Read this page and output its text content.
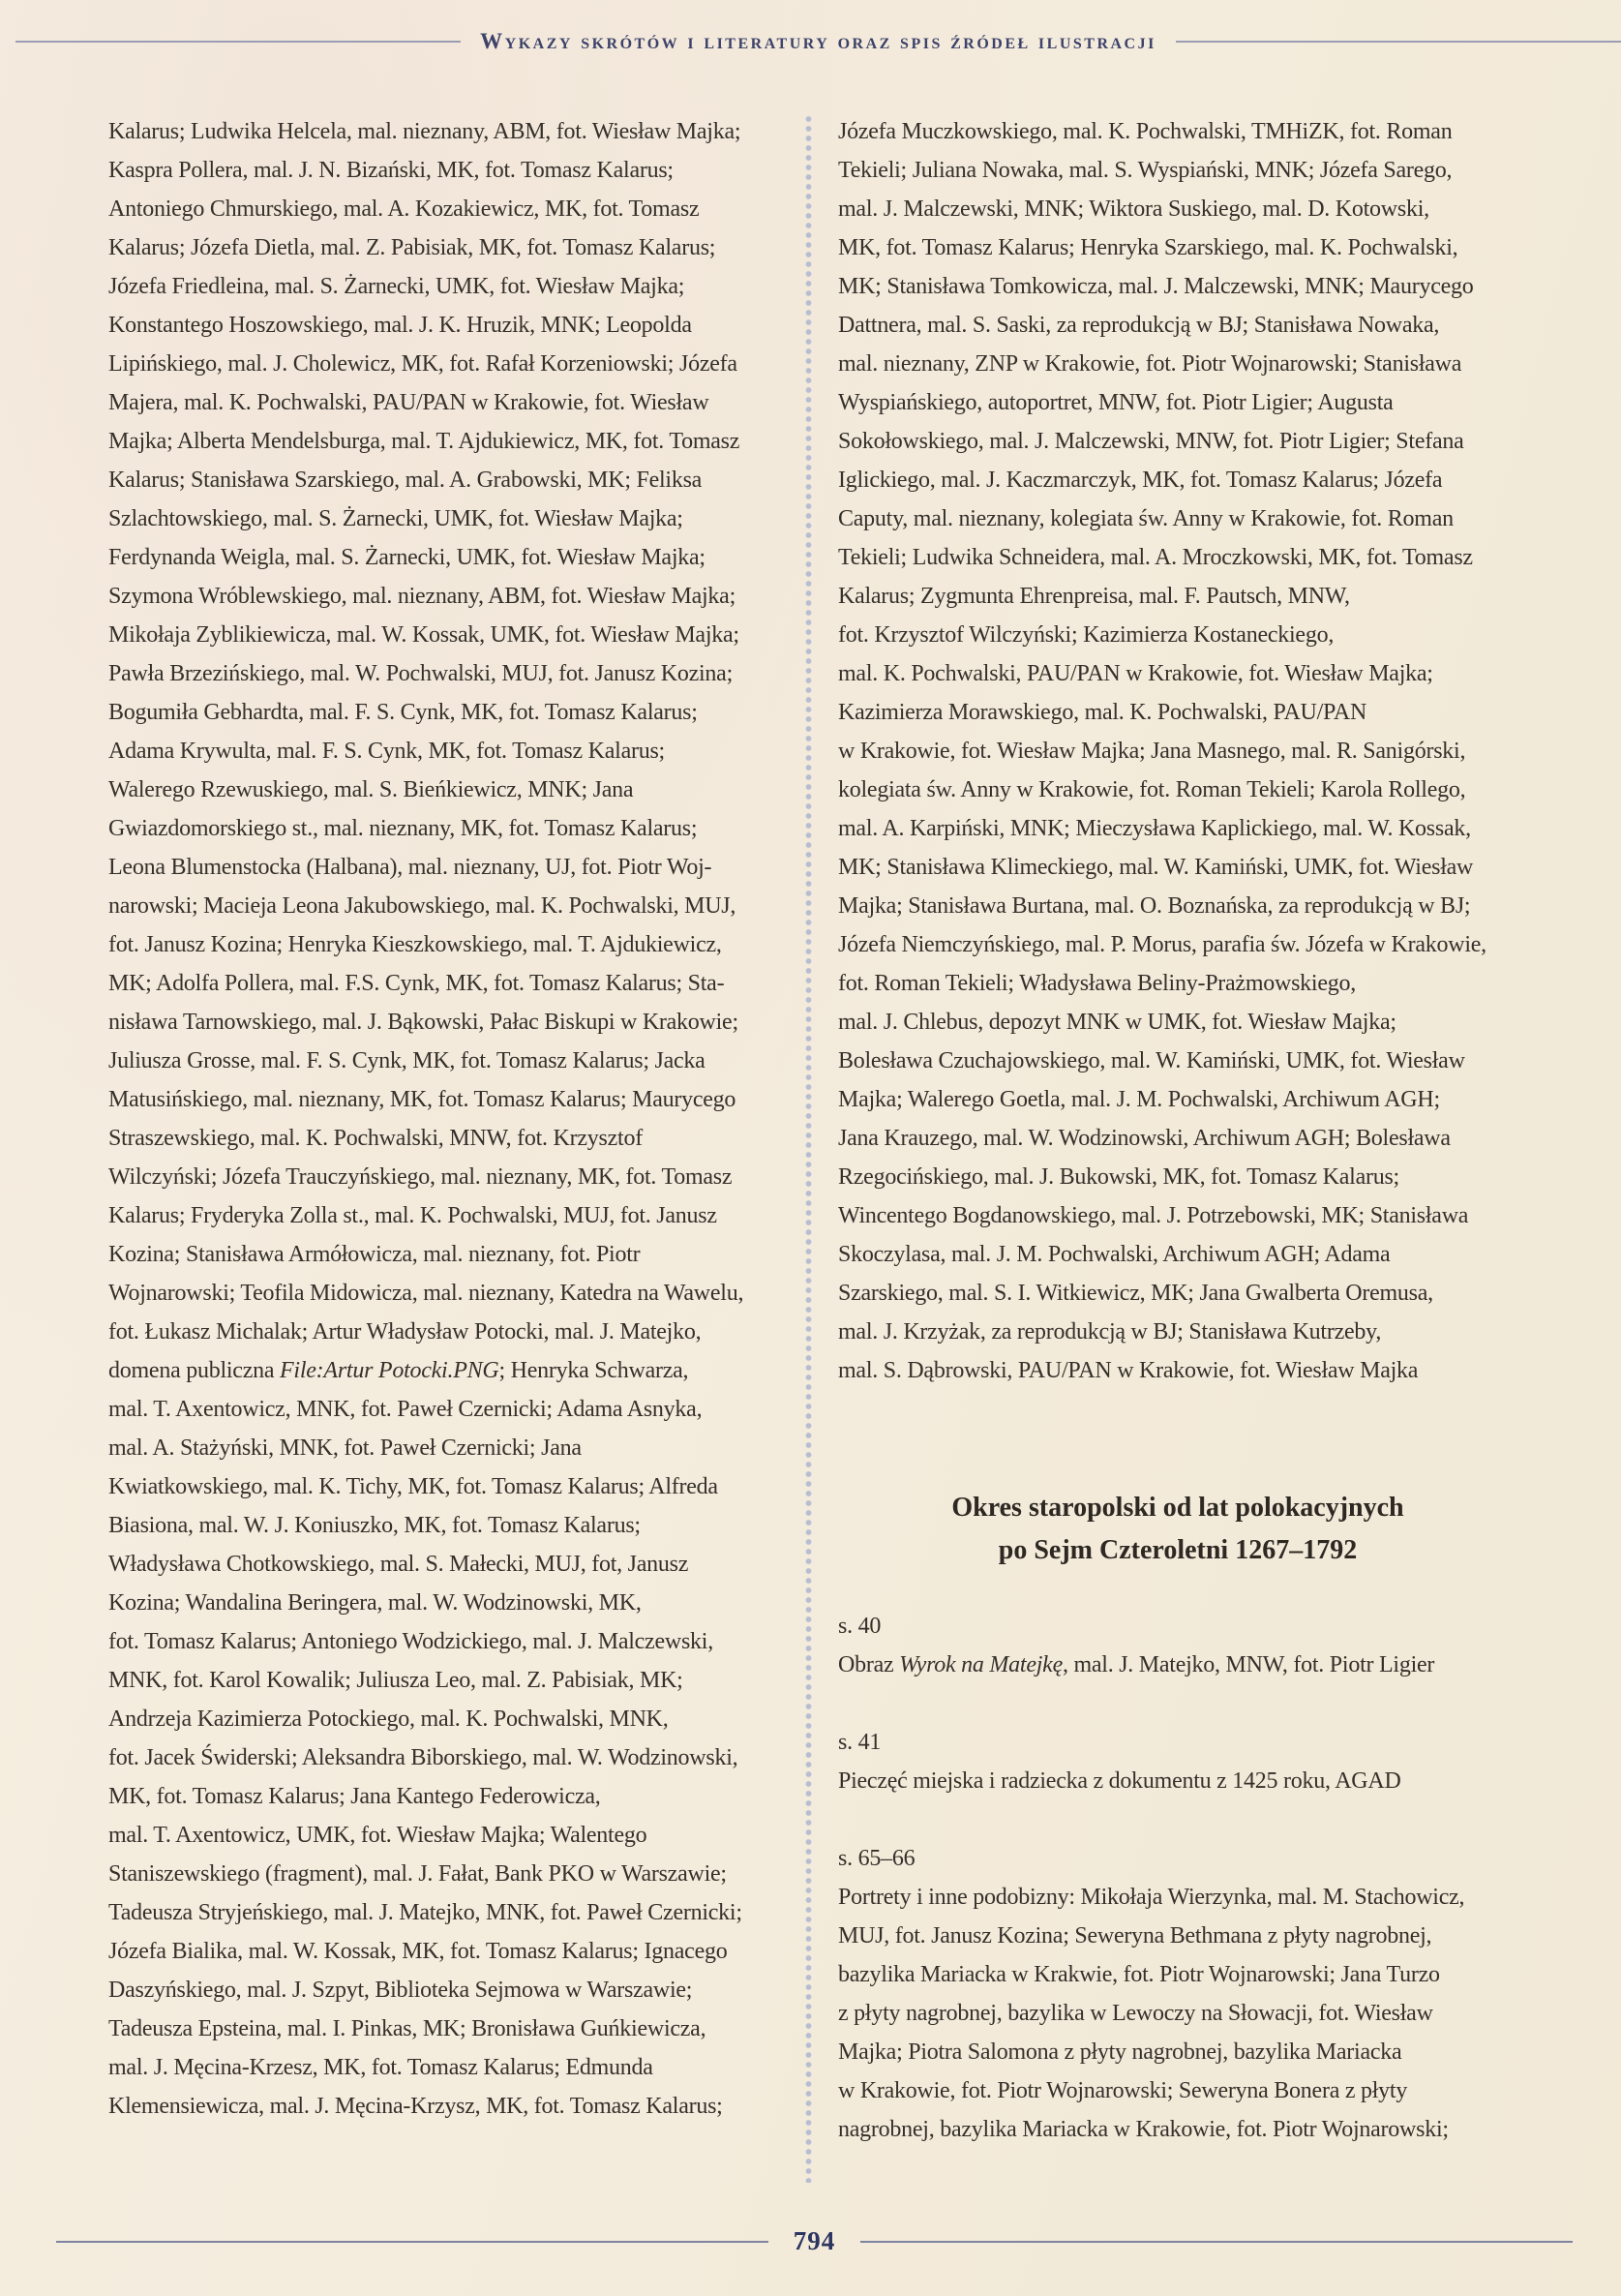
Wykazy skrótów i literatury oraz spis źródeł ilustracji

Kalarus; Ludwika Helcela, mal. nieznany, ABM, fot. Wiesław Majka;

Kaspra Pollera, mal. J. N. Bizański, MK, fot. Tomasz Kalarus;

Antoniego Chmurskiego, mal. A. Kozakiewicz, MK, fot. Tomasz

Kalarus; Józefa Dietla, mal. Z. Pabisiak, MK, fot. Tomasz Kalarus;

Józefa Friedleina, mal. S. Żarnecki, UMK, fot. Wiesław Majka;

Konstantego Hoszowskiego, mal. J. K. Hruzik, MNK; Leopolda

Lipińskiego, mal. J. Cholewicz, MK, fot. Rafał Korzeniowski; Józefa

Majera, mal. K. Pochwalski, PAU/PAN w Krakowie, fot. Wiesław

Majka; Alberta Mendelsburga, mal. T. Ajdukiewicz, MK, fot. Tomasz

Kalarus; Stanisława Szarskiego, mal. A. Grabowski, MK; Feliksa

Szlachtowskiego, mal. S. Żarnecki, UMK, fot. Wiesław Majka;

Ferdynanda Weigla, mal. S. Żarnecki, UMK, fot. Wiesław Majka;

Szymona Wróblewskiego, mal. nieznany, ABM, fot. Wiesław Majka;

Mikołaja Zyblikiewicza, mal. W. Kossak, UMK, fot. Wiesław Majka;

Pawła Brzezińskiego, mal. W. Pochwalski, MUJ, fot. Janusz Kozina;

Bogumiła Gebhardta, mal. F. S. Cynk, MK, fot. Tomasz Kalarus;

Adama Krywulta, mal. F. S. Cynk, MK, fot. Tomasz Kalarus;

Walerego Rzewuskiego, mal. S. Bieńkiewicz, MNK; Jana

Gwiazdomorskiego st., mal. nieznany, MK, fot. Tomasz Kalarus;

Leona Blumenstocka (Halbana), mal. nieznany, UJ, fot. Piotr Woj-

narowski; Macieja Leona Jakubowskiego, mal. K. Pochwalski, MUJ,

fot. Janusz Kozina; Henryka Kieszkowskiego, mal. T. Ajdukiewicz,

MK; Adolfa Pollera, mal. F.S. Cynk, MK, fot. Tomasz Kalarus; Sta-

nisława Tarnowskiego, mal. J. Bąkowski, Pałac Biskupi w Krakowie;

Juliusza Grosse, mal. F. S. Cynk, MK, fot. Tomasz Kalarus; Jacka

Matusińskiego, mal. nieznany, MK, fot. Tomasz Kalarus; Maurycego

Straszewskiego, mal. K. Pochwalski, MNW, fot. Krzysztof

Wilczyński; Józefa Trauczyńskiego, mal. nieznany, MK, fot. Tomasz

Kalarus; Fryderyka Zolla st., mal. K. Pochwalski, MUJ, fot. Janusz

Kozina; Stanisława Armółowicza, mal. nieznany, fot. Piotr

Wojnarowski; Teofila Midowicza, mal. nieznany, Katedra na Wawelu,

fot. Łukasz Michalak; Artur Władysław Potocki, mal. J. Matejko,

domena publiczna File:Artur Potocki.PNG; Henryka Schwarza,

mal. T. Axentowicz, MNK, fot. Paweł Czernicki; Adama Asnyka,

mal. A. Stażyński, MNK, fot. Paweł Czernicki; Jana

Kwiatkowskiego, mal. K. Tichy, MK, fot. Tomasz Kalarus; Alfreda

Biasiona, mal. W. J. Koniuszko, MK, fot. Tomasz Kalarus;

Władysława Chotkowskiego, mal. S. Małecki, MUJ, fot, Janusz

Kozina; Wandalina Beringera, mal. W. Wodzinowski, MK,

fot. Tomasz Kalarus; Antoniego Wodzickiego, mal. J. Malczewski,

MNK, fot. Karol Kowalik; Juliusza Leo, mal. Z. Pabisiak, MK;

Andrzeja Kazimierza Potockiego, mal. K. Pochwalski, MNK,

fot. Jacek Świderski; Aleksandra Biborskiego, mal. W. Wodzinowski,

MK, fot. Tomasz Kalarus; Jana Kantego Federowicza,

mal. T. Axentowicz, UMK, fot. Wiesław Majka; Walentego

Staniszewskiego (fragment), mal. J. Fałat, Bank PKO w Warszawie;

Tadeusza Stryjeńskiego, mal. J. Matejko, MNK, fot. Paweł Czernicki;

Józefa Bialika, mal. W. Kossak, MK, fot. Tomasz Kalarus; Ignacego

Daszyńskiego, mal. J. Szpyt, Biblioteka Sejmowa w Warszawie;

Tadeusza Epsteina, mal. I. Pinkas, MK; Bronisława Guńkiewicza,

mal. J. Męcina-Krzesz, MK, fot. Tomasz Kalarus; Edmunda

Klemensiewicza, mal. J. Męcina-Krzysz, MK, fot. Tomasz Kalarus;

Józefa Muczkowskiego, mal. K. Pochwalski, TMHiZK, fot. Roman

Tekieli; Juliana Nowaka, mal. S. Wyspiański, MNK; Józefa Sarego,

mal. J. Malczewski, MNK; Wiktora Suskiego, mal. D. Kotowski,

MK, fot. Tomasz Kalarus; Henryka Szarskiego, mal. K. Pochwalski,

MK; Stanisława Tomkowicza, mal. J. Malczewski, MNK; Maurycego

Dattnera, mal. S. Saski, za reprodukcją w BJ; Stanisława Nowaka,

mal. nieznany, ZNP w Krakowie, fot. Piotr Wojnarowski; Stanisława

Wyspiańskiego, autoportret, MNW, fot. Piotr Ligier; Augusta

Sokołowskiego, mal. J. Malczewski, MNW, fot. Piotr Ligier; Stefana

Iglickiego, mal. J. Kaczmarczyk, MK, fot. Tomasz Kalarus; Józefa

Caputy, mal. nieznany, kolegiata św. Anny w Krakowie, fot. Roman

Tekieli; Ludwika Schneidera, mal. A. Mroczkowski, MK, fot. Tomasz

Kalarus; Zygmunta Ehrenpreisa, mal. F. Pautsch, MNW,

fot. Krzysztof Wilczyński; Kazimierza Kostaneckiego,

mal. K. Pochwalski, PAU/PAN w Krakowie, fot. Wiesław Majka;

Kazimierza Morawskiego, mal. K. Pochwalski, PAU/PAN

w Krakowie, fot. Wiesław Majka; Jana Masnego, mal. R. Sanigórski,

kolegiata św. Anny w Krakowie, fot. Roman Tekieli; Karola Rollego,

mal. A. Karpiński, MNK; Mieczysława Kaplickiego, mal. W. Kossak,

MK; Stanisława Klimeckiego, mal. W. Kamiński, UMK, fot. Wiesław

Majka; Stanisława Burtana, mal. O. Boznańska, za reprodukcją w BJ;

Józefa Niemczyńskiego, mal. P. Morus, parafia św. Józefa w Krakowie,

fot. Roman Tekieli; Władysława Beliny-Prażmowskiego,

mal. J. Chlebus, depozyt MNK w UMK, fot. Wiesław Majka;

Bolesława Czuchajowskiego, mal. W. Kamiński, UMK, fot. Wiesław

Majka; Walerego Goetla, mal. J. M. Pochwalski, Archiwum AGH;

Jana Krauzego, mal. W. Wodzinowski, Archiwum AGH; Bolesława

Rzegocińskiego, mal. J. Bukowski, MK, fot. Tomasz Kalarus;

Wincentego Bogdanowskiego, mal. J. Potrzebowski, MK; Stanisława

Skoczylasa, mal. J. M. Pochwalski, Archiwum AGH; Adama

Szarskiego, mal. S. I. Witkiewicz, MK; Jana Gwalberta Oremusa,

mal. J. Krzyżak, za reprodukcją w BJ; Stanisława Kutrzeby,

mal. S. Dąbrowski, PAU/PAN w Krakowie, fot. Wiesław Majka

Okres staropolski od lat polokacyjnych
po Sejm Czteroletni 1267–1792

s. 40

Obraz Wyrok na Matejkę, mal. J. Matejko, MNW, fot. Piotr Ligier

s. 41

Pieczęć miejska i radziecka z dokumentu z 1425 roku, AGAD

s. 65–66

Portrety i inne podobizny: Mikołaja Wierzynka, mal. M. Stachowicz,

MUJ, fot. Janusz Kozina; Seweryna Bethmana z płyty nagrobnej,

bazylika Mariacka w Krakwie, fot. Piotr Wojnarowski; Jana Turzo

z płyty nagrobnej, bazylika w Lewoczy na Słowacji, fot. Wiesław

Majka; Piotra Salomona z płyty nagrobnej, bazylika Mariacka

w Krakowie, fot. Piotr Wojnarowski; Seweryna Bonera z płyty

nagrobnej, bazylika Mariacka w Krakowie, fot. Piotr Wojnarowski;

794
